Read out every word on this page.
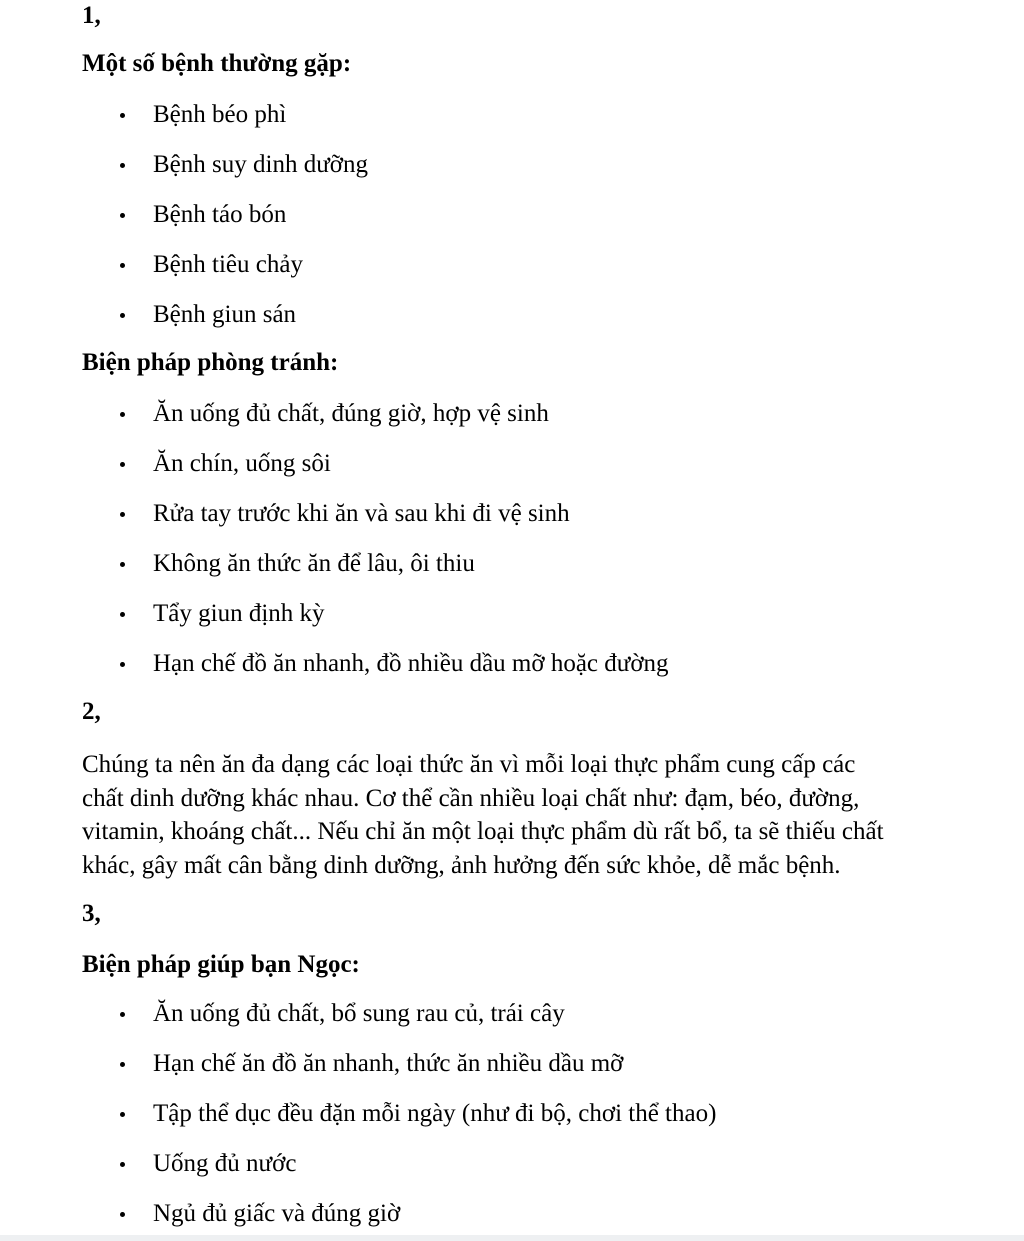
1,

Một số bệnh thường gặp:

Bệnh béo phì
Bệnh suy dinh dưỡng
Bệnh táo bón
Bệnh tiêu chảy
Bệnh giun sán

Biện pháp phòng tránh:

Ăn uống đủ chất, đúng giờ, hợp vệ sinh
Ăn chín, uống sôi
Rửa tay trước khi ăn và sau khi đi vệ sinh
Không ăn thức ăn để lâu, ôi thiu
Tẩy giun định kỳ
Hạn chế đồ ăn nhanh, đồ nhiều dầu mỡ hoặc đường

2,

Chúng ta nên ăn đa dạng các loại thức ăn vì mỗi loại thực phẩm cung cấp các
chất dinh dưỡng khác nhau. Cơ thể cần nhiều loại chất như: đạm, béo, đường,
vitamin, khoáng chất... Nếu chỉ ăn một loại thực phẩm dù rất bổ, ta sẽ thiếu chất
khác, gây mất cân bằng dinh dưỡng, ảnh hưởng đến sức khỏe, dễ mắc bệnh.

3,

Biện pháp giúp bạn Ngọc:

Ăn uống đủ chất, bổ sung rau củ, trái cây
Hạn chế ăn đồ ăn nhanh, thức ăn nhiều dầu mỡ
Tập thể dục đều đặn mỗi ngày (như đi bộ, chơi thể thao)
Uống đủ nước
Ngủ đủ giấc và đúng giờ
